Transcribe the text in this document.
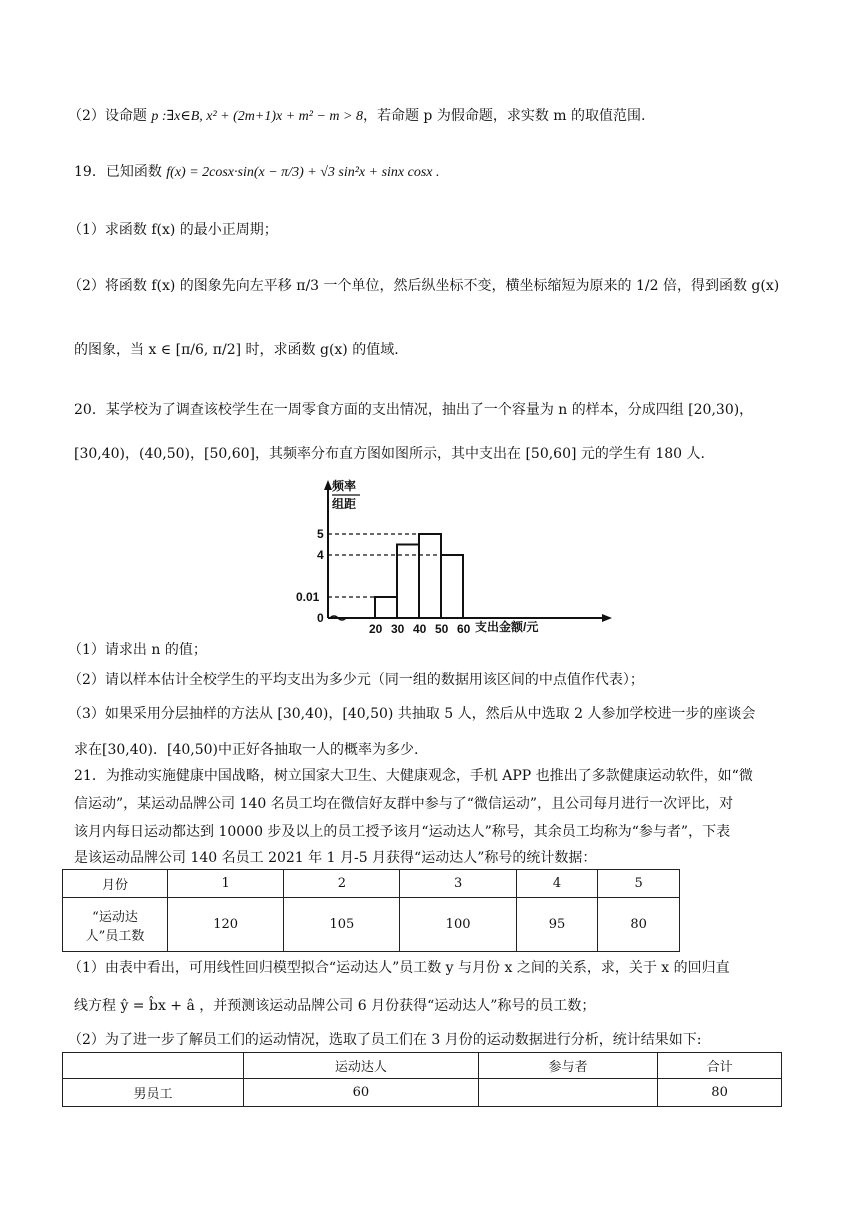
（2）设命题 p :∃x∈B, x² + (2m+1)x + m² − m > 8，若命题 p 为假命题，求实数 m 的取值范围.
19．已知函数 f(x) = 2cosx·sin(x − π/3) + √3 sin²x + sinx cosx .
（1）求函数 f(x) 的最小正周期；
（2）将函数 f(x) 的图象先向左平移 π/3 一个单位，然后纵坐标不变，横坐标缩短为原来的 1/2 倍，得到函数 g(x)
的图象，当 x ∈ [π/6, π/2] 时，求函数 g(x) 的值域.
20．某学校为了调查该校学生在一周零食方面的支出情况，抽出了一个容量为 n 的样本，分成四组 [20,30)，
[30,40)，(40,50)，[50,60]，其频率分布直方图如图所示，其中支出在 [50,60] 元的学生有 180 人.
频率
组距
支出金额/元
20 30 40 50 60
5
4
0.01
0
（1）请求出 n 的值；
（2）请以样本估计全校学生的平均支出为多少元（同一组的数据用该区间的中点值作代表）；
（3）如果采用分层抽样的方法从 [30,40)，[40,50) 共抽取 5 人，然后从中选取 2 人参加学校进一步的座谈会
求在[30,40)．[40,50)中正好各抽取一人的概率为多少.
21．为推动实施健康中国战略，树立国家大卫生、大健康观念，手机 APP 也推出了多款健康运动软件，如“微
信运动”，某运动品牌公司 140 名员工均在微信好友群中参与了“微信运动”，且公司每月进行一次评比，对
该月内每日运动都达到 10000 步及以上的员工授予该月“运动达人”称号，其余员工均称为“参与者”，下表
是该运动品牌公司 140 名员工 2021 年 1 月-5 月获得“运动达人”称号的统计数据：
月份	1	2	3	4	5

“运动达
人”员工数	120	105	100	95	80
（1）由表中看出，可用线性回归模型拟合“运动达人”员工数 y 与月份 x 之间的关系，求，关于 x 的回归直
线方程 ŷ = b̂x + â ，并预测该运动品牌公司 6 月份获得“运动达人”称号的员工数；
（2）为了进一步了解员工们的运动情况，选取了员工们在 3 月份的运动数据进行分析，统计结果如下:
	运动达人	参与者	合计
男员工	60		80
